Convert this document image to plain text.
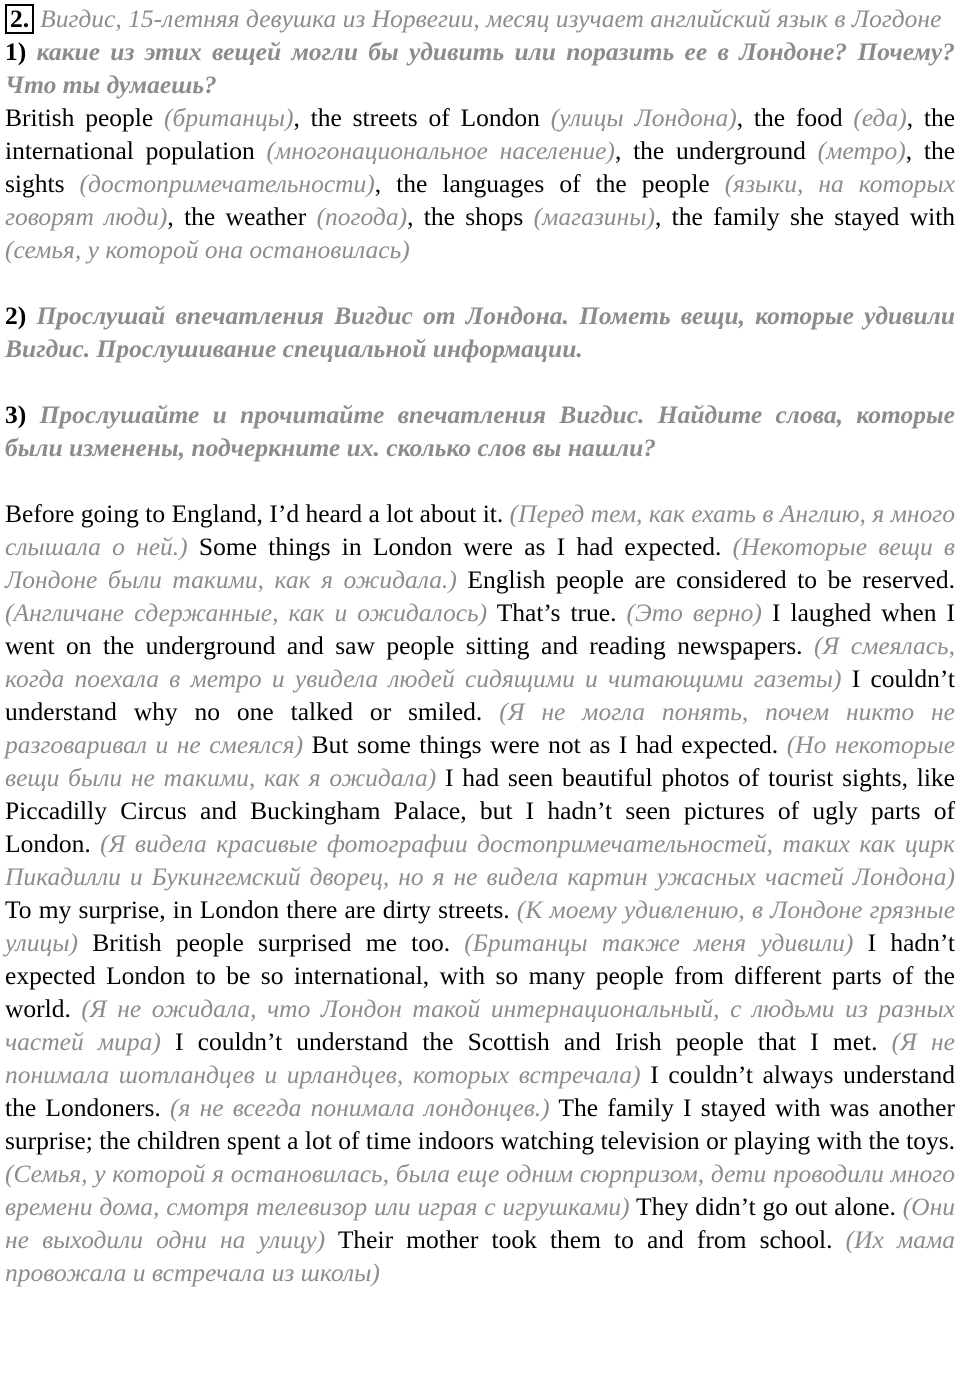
2. Вигдис, 15-летняя девушка из Норвегии, месяц изучает английский язык в Логдоне

1) какие из этих вещей могли бы удивить или поразить ее в Лондоне? Почему? Что ты думаешь?

British people (британцы), the streets of London (улицы Лондона), the food (еда), the international population (многонациональное население), the underground (метро), the sights (достопримечательности), the languages of the people (языки, на которых говорят люди), the weather (погода), the shops (магазины), the family she stayed with (семья, у которой она остановилась)

2) Прослушай впечатления Вигдис от Лондона. Пометь вещи, которые удивили Вигдис. Прослушивание специальной информации.

3) Прослушайте и прочитайте впечатления Вигдис. Найдите слова, которые были изменены, подчеркните их. сколько слов вы нашли?

Before going to England, I’d heard a lot about it. (Перед тем, как ехать в Англию, я много слышала о ней.) Some things in London were as I had expected. (Некоторые вещи в Лондоне были такими, как я ожидала.) English people are considered to be reserved. (Англичане сдержанные, как и ожидалось) That’s true. (Это верно) I laughed when I went on the underground and saw people sitting and reading newspapers. (Я смеялась, когда поехала в метро и увидела людей сидящими и читающими газеты) I couldn’t understand why no one talked or smiled. (Я не могла понять, почем никто не разговаривал и не смеялся) But some things were not as I had expected. (Но некоторые вещи были не такими, как я ожидала) I had seen beautiful photos of tourist sights, like Piccadilly Circus and Buckingham Palace, but I hadn’t seen pictures of ugly parts of London. (Я видела красивые фотографии достопримечательностей, таких как цирк Пикадилли и Букингемский дворец, но я не видела картин ужасных частей Лондона) To my surprise, in London there are dirty streets. (К моему удивлению, в Лондоне грязные улицы) British people surprised me too. (Британцы также меня удивили) I hadn’t expected London to be so international, with so many people from different parts of the world. (Я не ожидала, что Лондон такой интернациональный, с людьми из разных частей мира) I couldn’t understand the Scottish and Irish people that I met. (Я не понимала шотландцев и ирландцев, которых встречала) I couldn’t always understand the Londoners. (я не всегда понимала лондонцев.) The family I stayed with was another surprise; the children spent a lot of time indoors watching television or playing with the toys. (Семья, у которой я остановилась, была еще одним сюрпризом, дети проводили много времени дома, смотря телевизор или играя с игрушками) They didn’t go out alone. (Они не выходили одни на улицу) Their mother took them to and from school. (Их мама провожала и встречала из школы)
